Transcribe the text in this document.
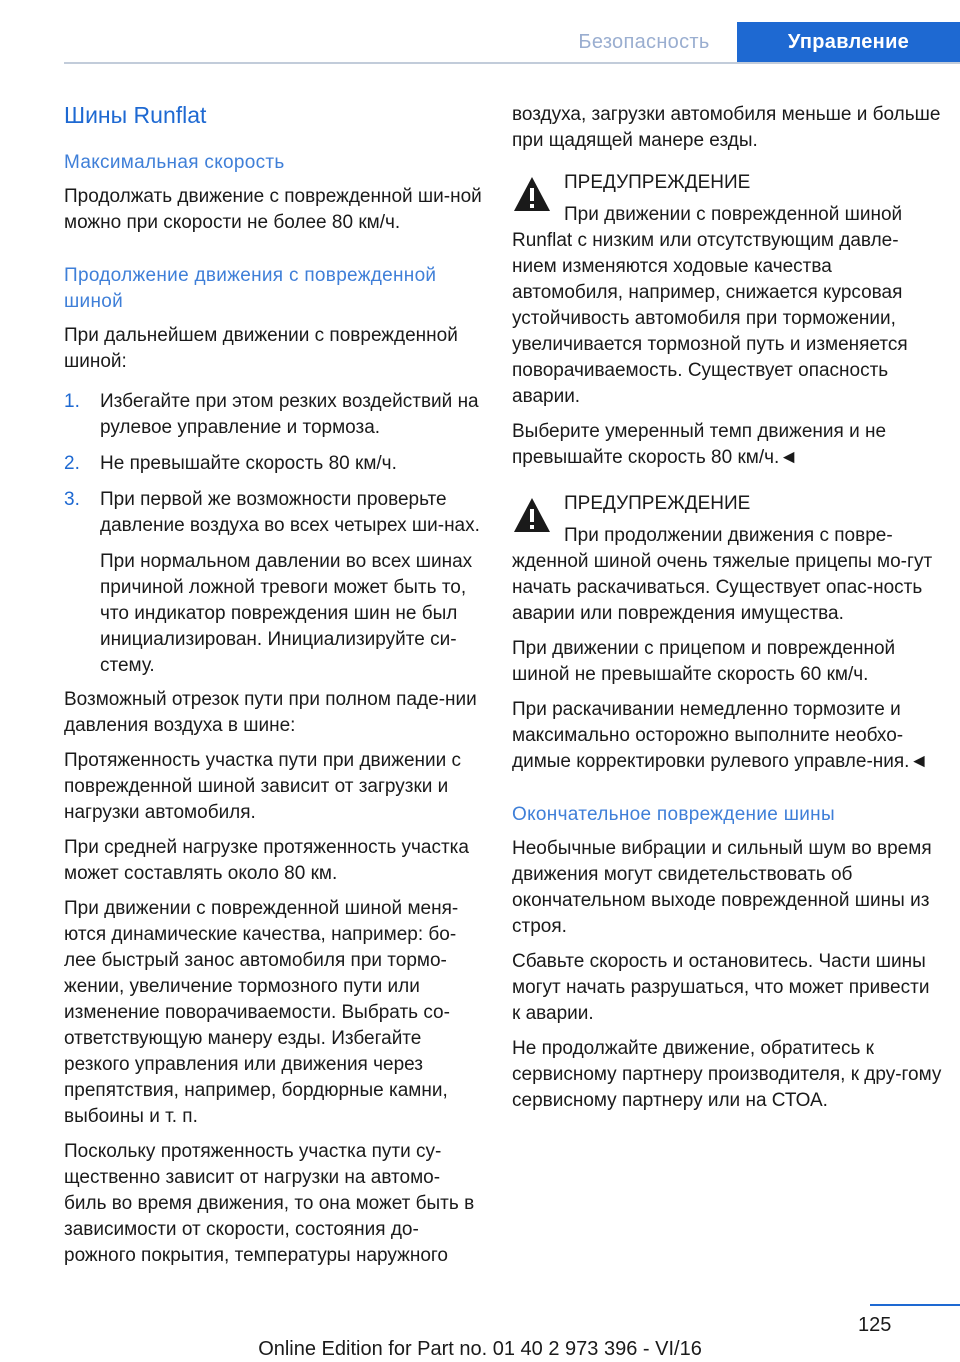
Безопасность	Управление
Шины Runflat
Максимальная скорость
Продолжать движение с поврежденной ши-ной можно при скорости не более 80 км/ч.
Продолжение движения с поврежденной шиной
При дальнейшем движении с поврежденной шиной:
1.	Избегайте при этом резких воздействий на рулевое управление и тормоза.
2.	Не превышайте скорость 80 км/ч.
3.	При первой же возможности проверьте давление воздуха во всех четырех ши-нах.
При нормальном давлении во всех шинах причиной ложной тревоги может быть то, что индикатор повреждения шин не был инициализирован. Инициализируйте си-стему.
Возможный отрезок пути при полном паде-нии давления воздуха в шине:
Протяженность участка пути при движении с поврежденной шиной зависит от загрузки и нагрузки автомобиля.
При средней нагрузке протяженность участка может составлять около 80 км.
При движении с поврежденной шиной меня-ются динамические качества, например: бо-лее быстрый занос автомобиля при тормо-жении, увеличение тормозного пути или изменение поворачиваемости. Выбрать со-ответствующую манеру езды. Избегайте резкого управления или движения через препятствия, например, бордюрные камни, выбоины и т. п.
Поскольку протяженность участка пути су-щественно зависит от нагрузки на автомо-биль во время движения, то она может быть в зависимости от скорости, состояния до-рожного покрытия, температуры наружного
воздуха, загрузки автомобиля меньше и больше при щадящей манере езды.
ПРЕДУПРЕЖДЕНИЕ
При движении с поврежденной шиной Runflat с низким или отсутствующим давле-нием изменяются ходовые качества автомобиля, например, снижается курсовая устойчивость автомобиля при торможении, увеличивается тормозной путь и изменяется поворачиваемость. Существует опасность аварии.
Выберите умеренный темп движения и не превышайте скорость 80 км/ч.◄
ПРЕДУПРЕЖДЕНИЕ
При продолжении движения с повре-жденной шиной очень тяжелые прицепы мо-гут начать раскачиваться. Существует опас-ность аварии или повреждения имущества.
При движении с прицепом и поврежденной шиной не превышайте скорость 60 км/ч.
При раскачивании немедленно тормозите и максимально осторожно выполните необхо-димые корректировки рулевого управле-ния.◄
Окончательное повреждение шины
Необычные вибрации и сильный шум во время движения могут свидетельствовать об окончательном выходе поврежденной шины из строя.
Сбавьте скорость и остановитесь. Части шины могут начать разрушаться, что может привести к аварии.
Не продолжайте движение, обратитесь к сервисному партнеру производителя, к дру-гому сервисному партнеру или на СТОА.
125
Online Edition for Part no. 01 40 2 973 396 - VI/16
